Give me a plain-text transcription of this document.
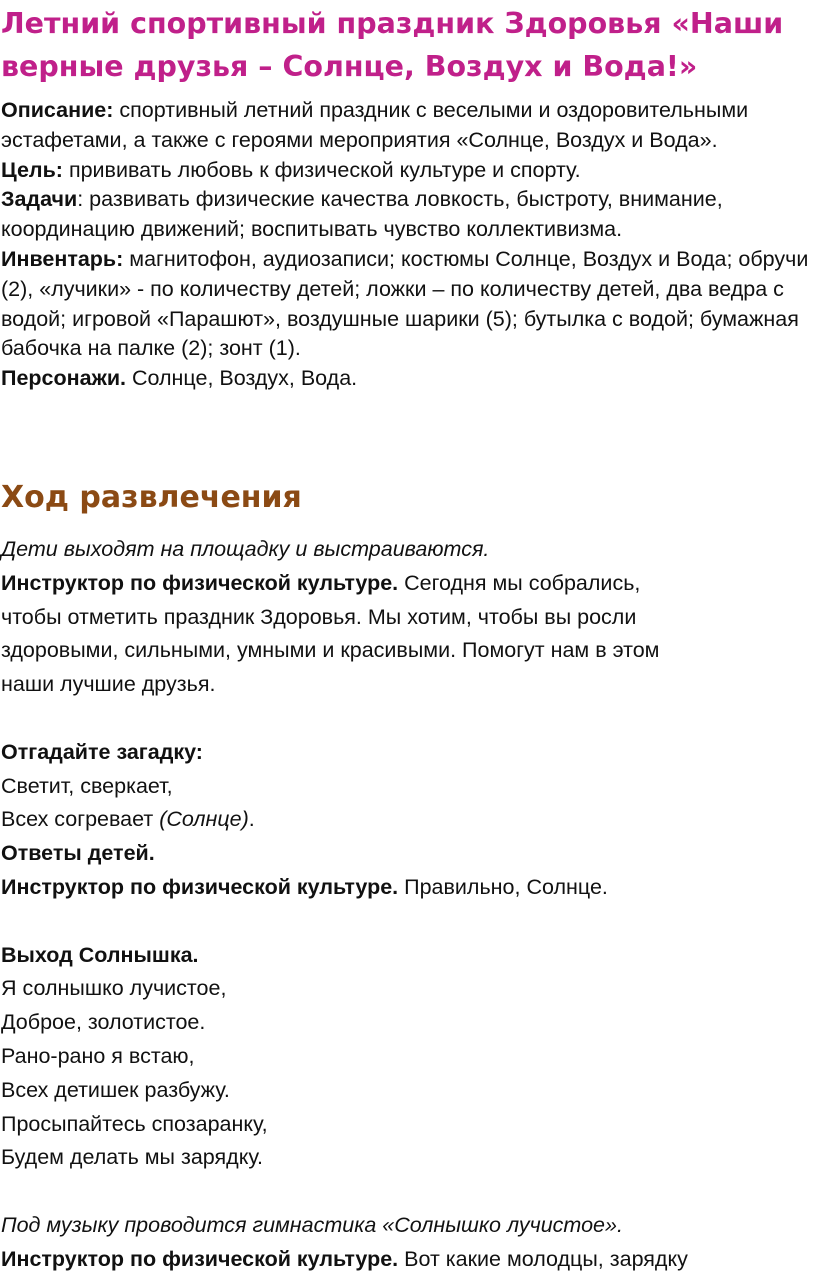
Летний спортивный праздник Здоровья «Наши верные друзья – Солнце, Воздух и Вода!»

Описание: спортивный летний праздник с веселыми и оздоровительными эстафетами, а также с героями мероприятия «Солнце, Воздух и Вода».

Цель: прививать любовь к физической культуре и спорту.

Задачи: развивать физические качества ловкость, быстроту, внимание, координацию движений; воспитывать чувство коллективизма.

Инвентарь: магнитофон, аудиозаписи; костюмы Солнце, Воздух и Вода; обручи (2), «лучики» - по количеству детей; ложки – по количеству детей, два ведра с водой; игровой «Парашют», воздушные шарики (5); бутылка с водой; бумажная бабочка на палке (2); зонт (1).

Персонажи. Солнце, Воздух, Вода.

Ход развлечения

Дети выходят на площадку и выстраиваются.

Инструктор по физической культуре. Сегодня мы собрались,

чтобы отметить праздник Здоровья. Мы хотим, чтобы вы росли

здоровыми, сильными, умными и красивыми. Помогут нам в этом

наши лучшие друзья.

Отгадайте загадку:

Светит, сверкает,

Всех согревает (Солнце).

Ответы детей.

Инструктор по физической культуре. Правильно, Солнце.

Выход Солнышка.

Я солнышко лучистое,

Доброе, золотистое.

Рано-рано я встаю,

Всех детишек разбужу.

Просыпайтесь спозаранку,

Будем делать мы зарядку.

Под музыку проводится гимнастика «Солнышко лучистое».

Инструктор по физической культуре. Вот какие молодцы, зарядку
